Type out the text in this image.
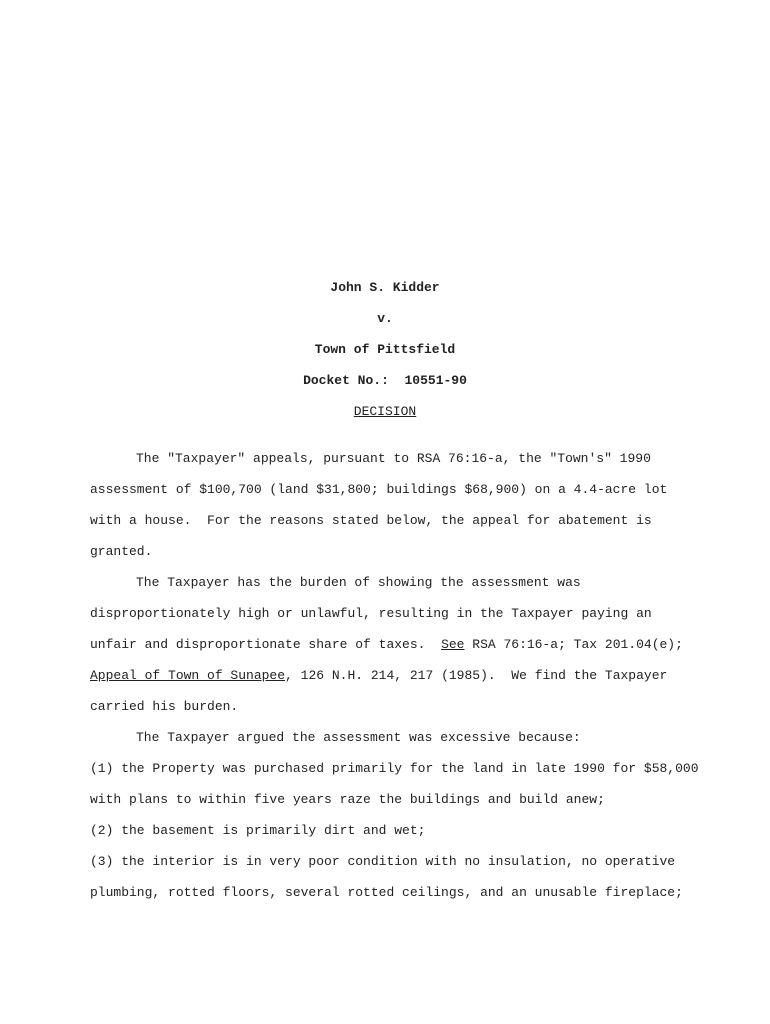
John S. Kidder

v.

Town of Pittsfield

Docket No.:  10551-90

DECISION

The "Taxpayer" appeals, pursuant to RSA 76:16-a, the "Town's" 1990

assessment of $100,700 (land $31,800; buildings $68,900) on a 4.4-acre lot

with a house.  For the reasons stated below, the appeal for abatement is

granted.

The Taxpayer has the burden of showing the assessment was

disproportionately high or unlawful, resulting in the Taxpayer paying an

unfair and disproportionate share of taxes.  See RSA 76:16-a; Tax 201.04(e);

Appeal of Town of Sunapee, 126 N.H. 214, 217 (1985).  We find the Taxpayer

carried his burden.

The Taxpayer argued the assessment was excessive because:

(1) the Property was purchased primarily for the land in late 1990 for $58,000

with plans to within five years raze the buildings and build anew;

(2) the basement is primarily dirt and wet;

(3) the interior is in very poor condition with no insulation, no operative

plumbing, rotted floors, several rotted ceilings, and an unusable fireplace;
